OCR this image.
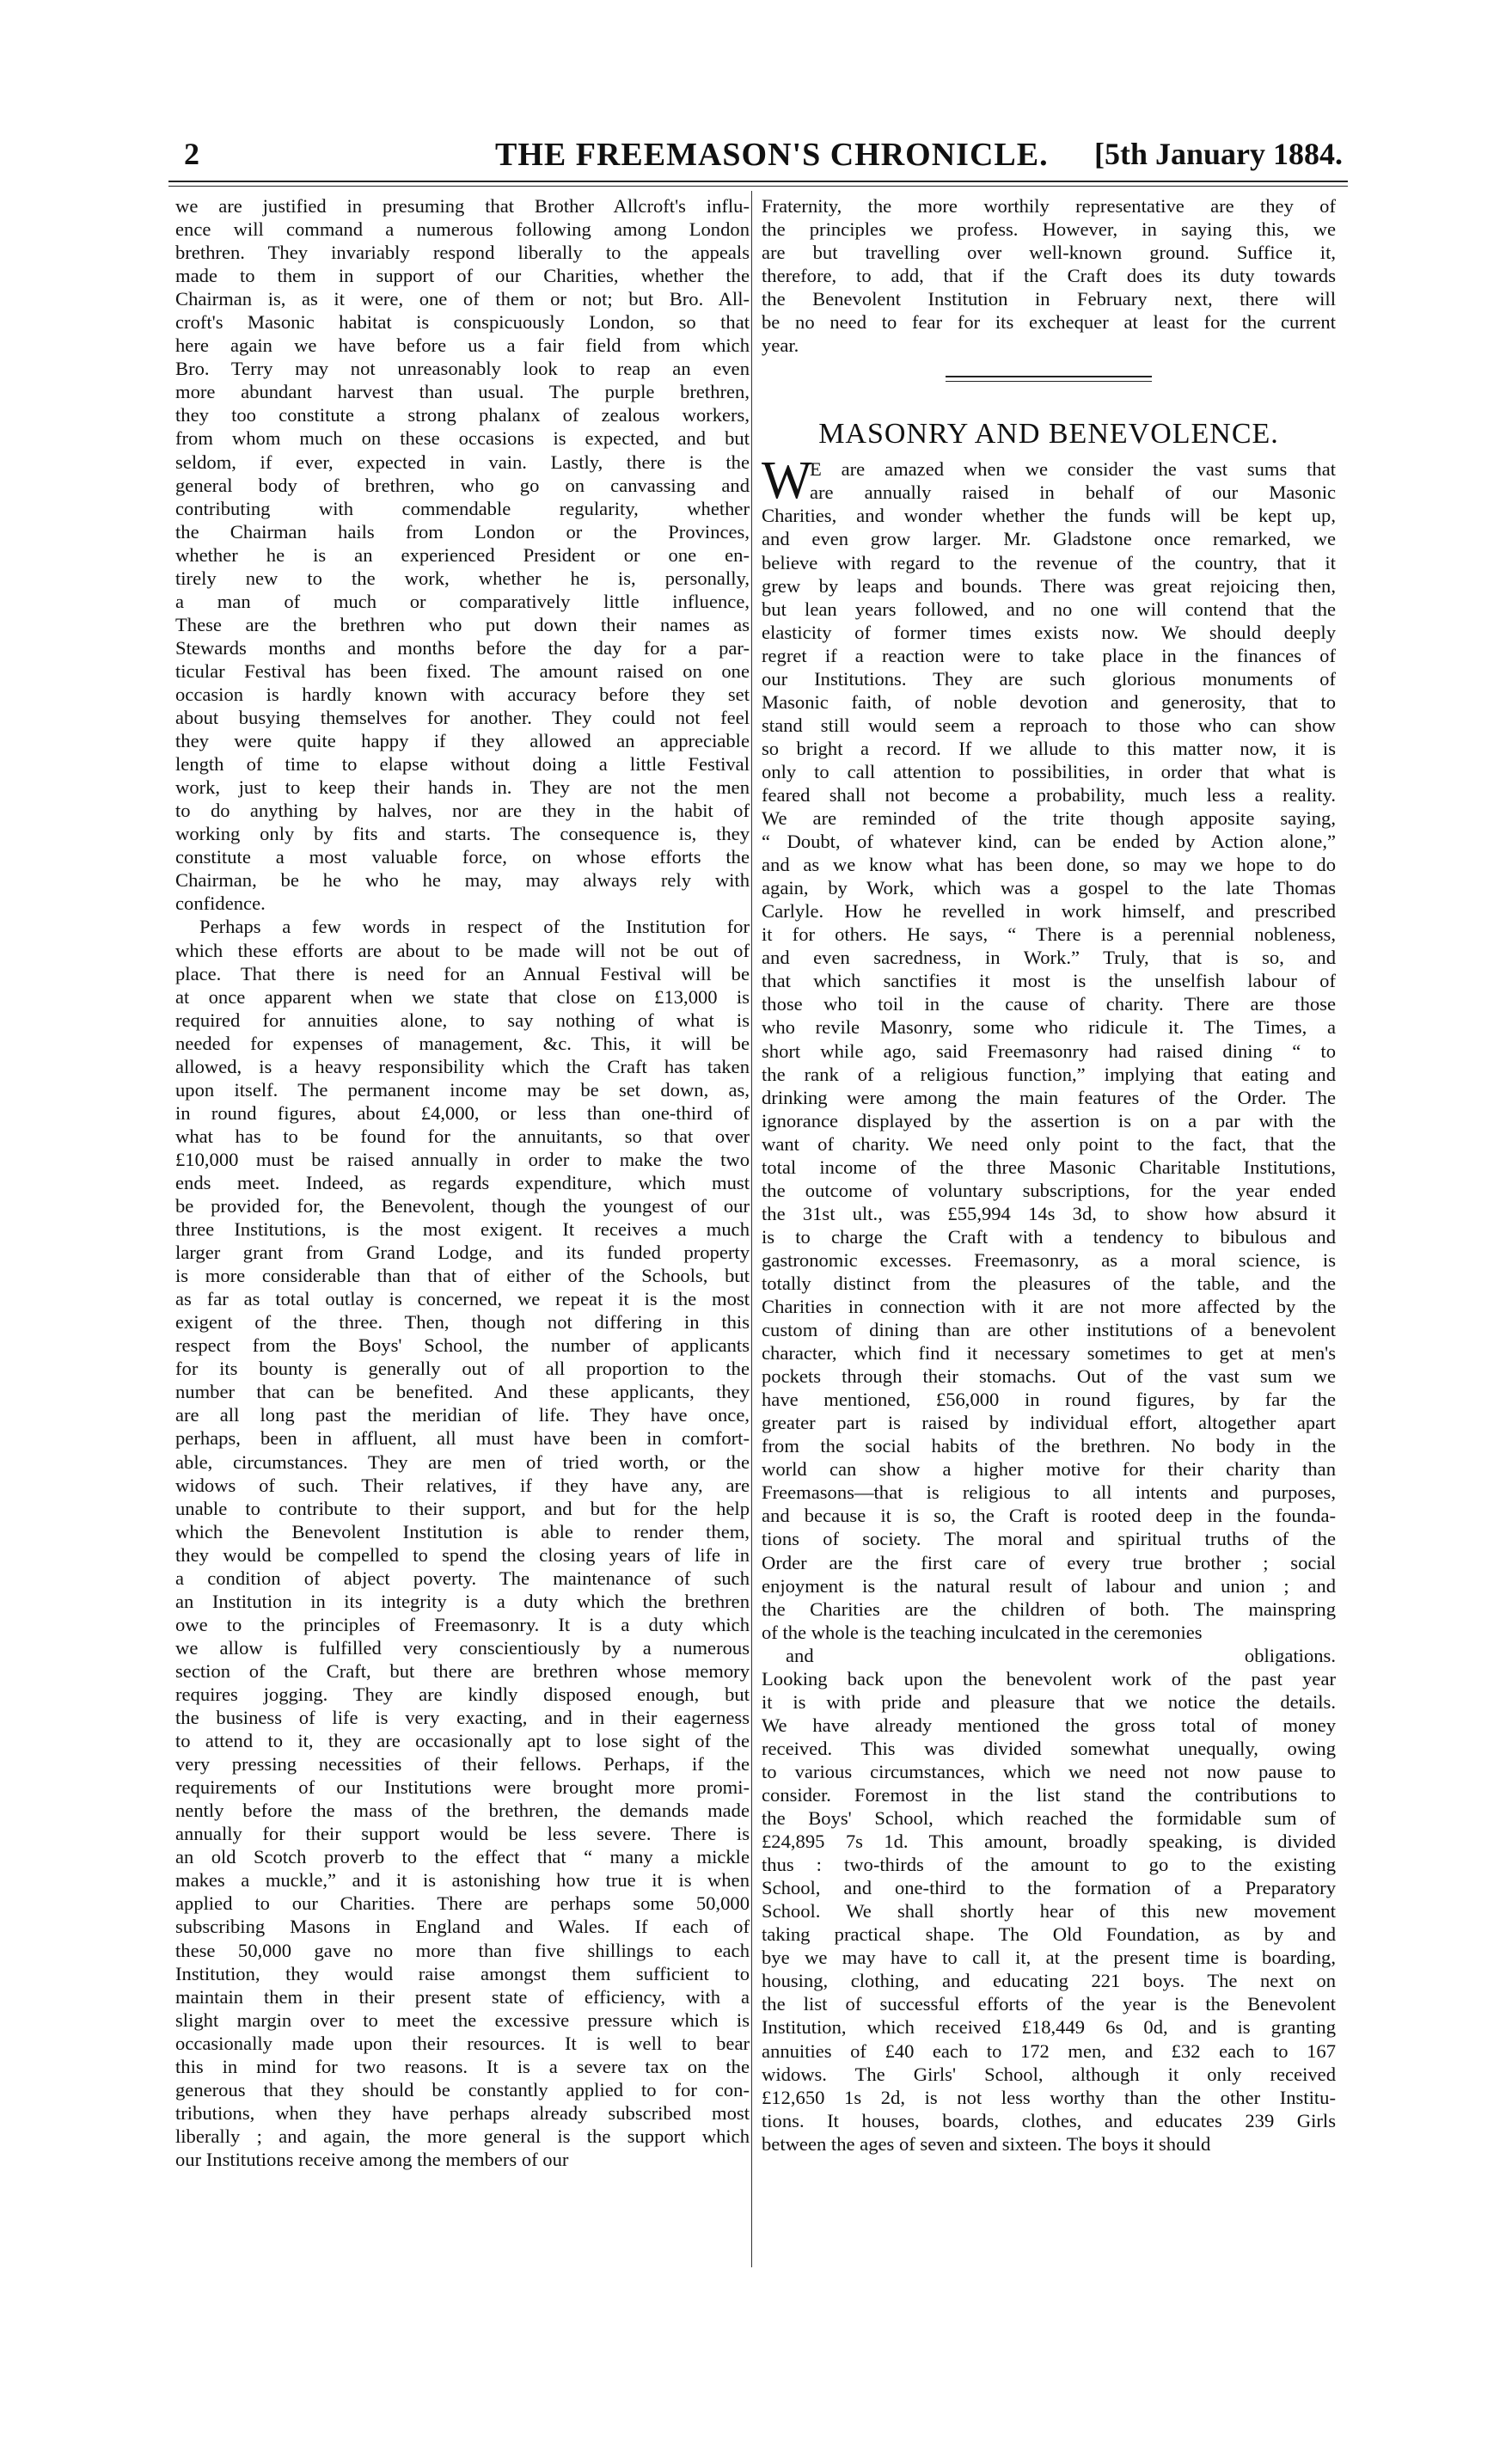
2	THE FREEMASON'S CHRONICLE. [5th January 1884.
we are justified in presuming that Brother Allcroft's influ-
ence will command a numerous following among London
brethren. They invariably respond liberally to the appeals
made to them in support of our Charities, whether the
Chairman is, as it were, one of them or not; but Bro. All-
croft's Masonic habitat is conspicuously London, so that
here again we have before us a fair field from which
Bro. Terry may not unreasonably look to reap an even
more abundant harvest than usual. The purple brethren,
they too constitute a strong phalanx of zealous workers,
from whom much on these occasions is expected, and but
seldom, if ever, expected in vain. Lastly, there is the
general body of brethren, who go on canvassing and
contributing with commendable regularity, whether
the Chairman hails from London or the Provinces,
whether he is an experienced President or one en-
tirely new to the work, whether he is, personally,
a man of much or comparatively little influence,
These are the brethren who put down their names as
Stewards months and months before the day for a par-
ticular Festival has been fixed. The amount raised on one
occasion is hardly known with accuracy before they set
about busying themselves for another. They could not feel
they were quite happy if they allowed an appreciable
length of time to elapse without doing a little Festival
work, just to keep their hands in. They are not the men
to do anything by halves, nor are they in the habit of
working only by fits and starts. The consequence is, they
constitute a most valuable force, on whose efforts the
Chairman, be he who he may, may always rely with
confidence.
Perhaps a few words in respect of the Institution for
which these efforts are about to be made will not be out of
place. That there is need for an Annual Festival will be
at once apparent when we state that close on £13,000 is
required for annuities alone, to say nothing of what is
needed for expenses of management, &c. This, it will be
allowed, is a heavy responsibility which the Craft has taken
upon itself. The permanent income may be set down, as,
in round figures, about £4,000, or less than one-third of
what has to be found for the annuitants, so that over
£10,000 must be raised annually in order to make the two
ends meet. Indeed, as regards expenditure, which must
be provided for, the Benevolent, though the youngest of our
three Institutions, is the most exigent. It receives a much
larger grant from Grand Lodge, and its funded property
is more considerable than that of either of the Schools, but
as far as total outlay is concerned, we repeat it is the most
exigent of the three. Then, though not differing in this
respect from the Boys' School, the number of applicants
for its bounty is generally out of all proportion to the
number that can be benefited. And these applicants, they
are all long past the meridian of life. They have once,
perhaps, been in affluent, all must have been in comfort-
able, circumstances. They are men of tried worth, or the
widows of such. Their relatives, if they have any, are
unable to contribute to their support, and but for the help
which the Benevolent Institution is able to render them,
they would be compelled to spend the closing years of life in
a condition of abject poverty. The maintenance of such
an Institution in its integrity is a duty which the brethren
owe to the principles of Freemasonry. It is a duty which
we allow is fulfilled very conscientiously by a numerous
section of the Craft, but there are brethren whose memory
requires jogging. They are kindly disposed enough, but
the business of life is very exacting, and in their eagerness
to attend to it, they are occasionally apt to lose sight of the
very pressing necessities of their fellows. Perhaps, if the
requirements of our Institutions were brought more promi-
nently before the mass of the brethren, the demands made
annually for their support would be less severe. There is
an old Scotch proverb to the effect that “ many a mickle
makes a muckle,” and it is astonishing how true it is when
applied to our Charities. There are perhaps some 50,000
subscribing Masons in England and Wales. If each of
these 50,000 gave no more than five shillings to each
Institution, they would raise amongst them sufficient to
maintain them in their present state of efficiency, with a
slight margin over to meet the excessive pressure which is
occasionally made upon their resources. It is well to bear
this in mind for two reasons. It is a severe tax on the
generous that they should be constantly applied to for con-
tributions, when they have perhaps already subscribed most
liberally ; and again, the more general is the support which
our Institutions receive among the members of our
Fraternity, the more worthily representative are they of
the principles we profess. However, in saying this, we
are but travelling over well-known ground. Suffice it,
therefore, to add, that if the Craft does its duty towards
the Benevolent Institution in February next, there will
be no need to fear for its exchequer at least for the current
year.
MASONRY AND BENEVOLENCE.
W
E are amazed when we consider the vast sums that
are annually raised in behalf of our Masonic
Charities, and wonder whether the funds will be kept up,
and even grow larger. Mr. Gladstone once remarked, we
believe with regard to the revenue of the country, that it
grew by leaps and bounds. There was great rejoicing then,
but lean years followed, and no one will contend that the
elasticity of former times exists now. We should deeply
regret if a reaction were to take place in the finances of
our Institutions. They are such glorious monuments of
Masonic faith, of noble devotion and generosity, that to
stand still would seem a reproach to those who can show
so bright a record. If we allude to this matter now, it is
only to call attention to possibilities, in order that what is
feared shall not become a probability, much less a reality.
We are reminded of the trite though apposite saying,
“ Doubt, of whatever kind, can be ended by Action alone,”
and as we know what has been done, so may we hope to do
again, by Work, which was a gospel to the late Thomas
Carlyle. How he revelled in work himself, and prescribed
it for others. He says, “ There is a perennial nobleness,
and even sacredness, in Work.” Truly, that is so, and
that which sanctifies it most is the unselfish labour of
those who toil in the cause of charity. There are those
who revile Masonry, some who ridicule it. The Times, a
short while ago, said Freemasonry had raised dining “ to
the rank of a religious function,” implying that eating and
drinking were among the main features of the Order. The
ignorance displayed by the assertion is on a par with the
want of charity. We need only point to the fact, that the
total income of the three Masonic Charitable Institutions,
the outcome of voluntary subscriptions, for the year ended
the 31st ult., was £55,994 14s 3d, to show how absurd it
is to charge the Craft with a tendency to bibulous and
gastronomic excesses. Freemasonry, as a moral science, is
totally distinct from the pleasures of the table, and the
Charities in connection with it are not more affected by the
custom of dining than are other institutions of a benevolent
character, which find it necessary sometimes to get at men's
pockets through their stomachs. Out of the vast sum we
have mentioned, £56,000 in round figures, by far the
greater part is raised by individual effort, altogether apart
from the social habits of the brethren. No body in the
world can show a higher motive for their charity than
Freemasons—that is religious to all intents and purposes,
and because it is so, the Craft is rooted deep in the founda-
tions of society. The moral and spiritual truths of the
Order are the first care of every true brother ; social
enjoyment is the natural result of labour and union ; and
the Charities are the children of both. The mainspring
of the whole is the teaching inculcated in the ceremonies
and obligations.
Looking back upon the benevolent work of the past year
it is with pride and pleasure that we notice the details.
We have already mentioned the gross total of money
received. This was divided somewhat unequally, owing
to various circumstances, which we need not now pause to
consider. Foremost in the list stand the contributions to
the Boys' School, which reached the formidable sum of
£24,895 7s 1d. This amount, broadly speaking, is divided
thus : two-thirds of the amount to go to the existing
School, and one-third to the formation of a Preparatory
School. We shall shortly hear of this new movement
taking practical shape. The Old Foundation, as by and
bye we may have to call it, at the present time is boarding,
housing, clothing, and educating 221 boys. The next on
the list of successful efforts of the year is the Benevolent
Institution, which received £18,449 6s 0d, and is granting
annuities of £40 each to 172 men, and £32 each to 167
widows. The Girls' School, although it only received
£12,650 1s 2d, is not less worthy than the other Institu-
tions. It houses, boards, clothes, and educates 239 Girls
between the ages of seven and sixteen. The boys it should
